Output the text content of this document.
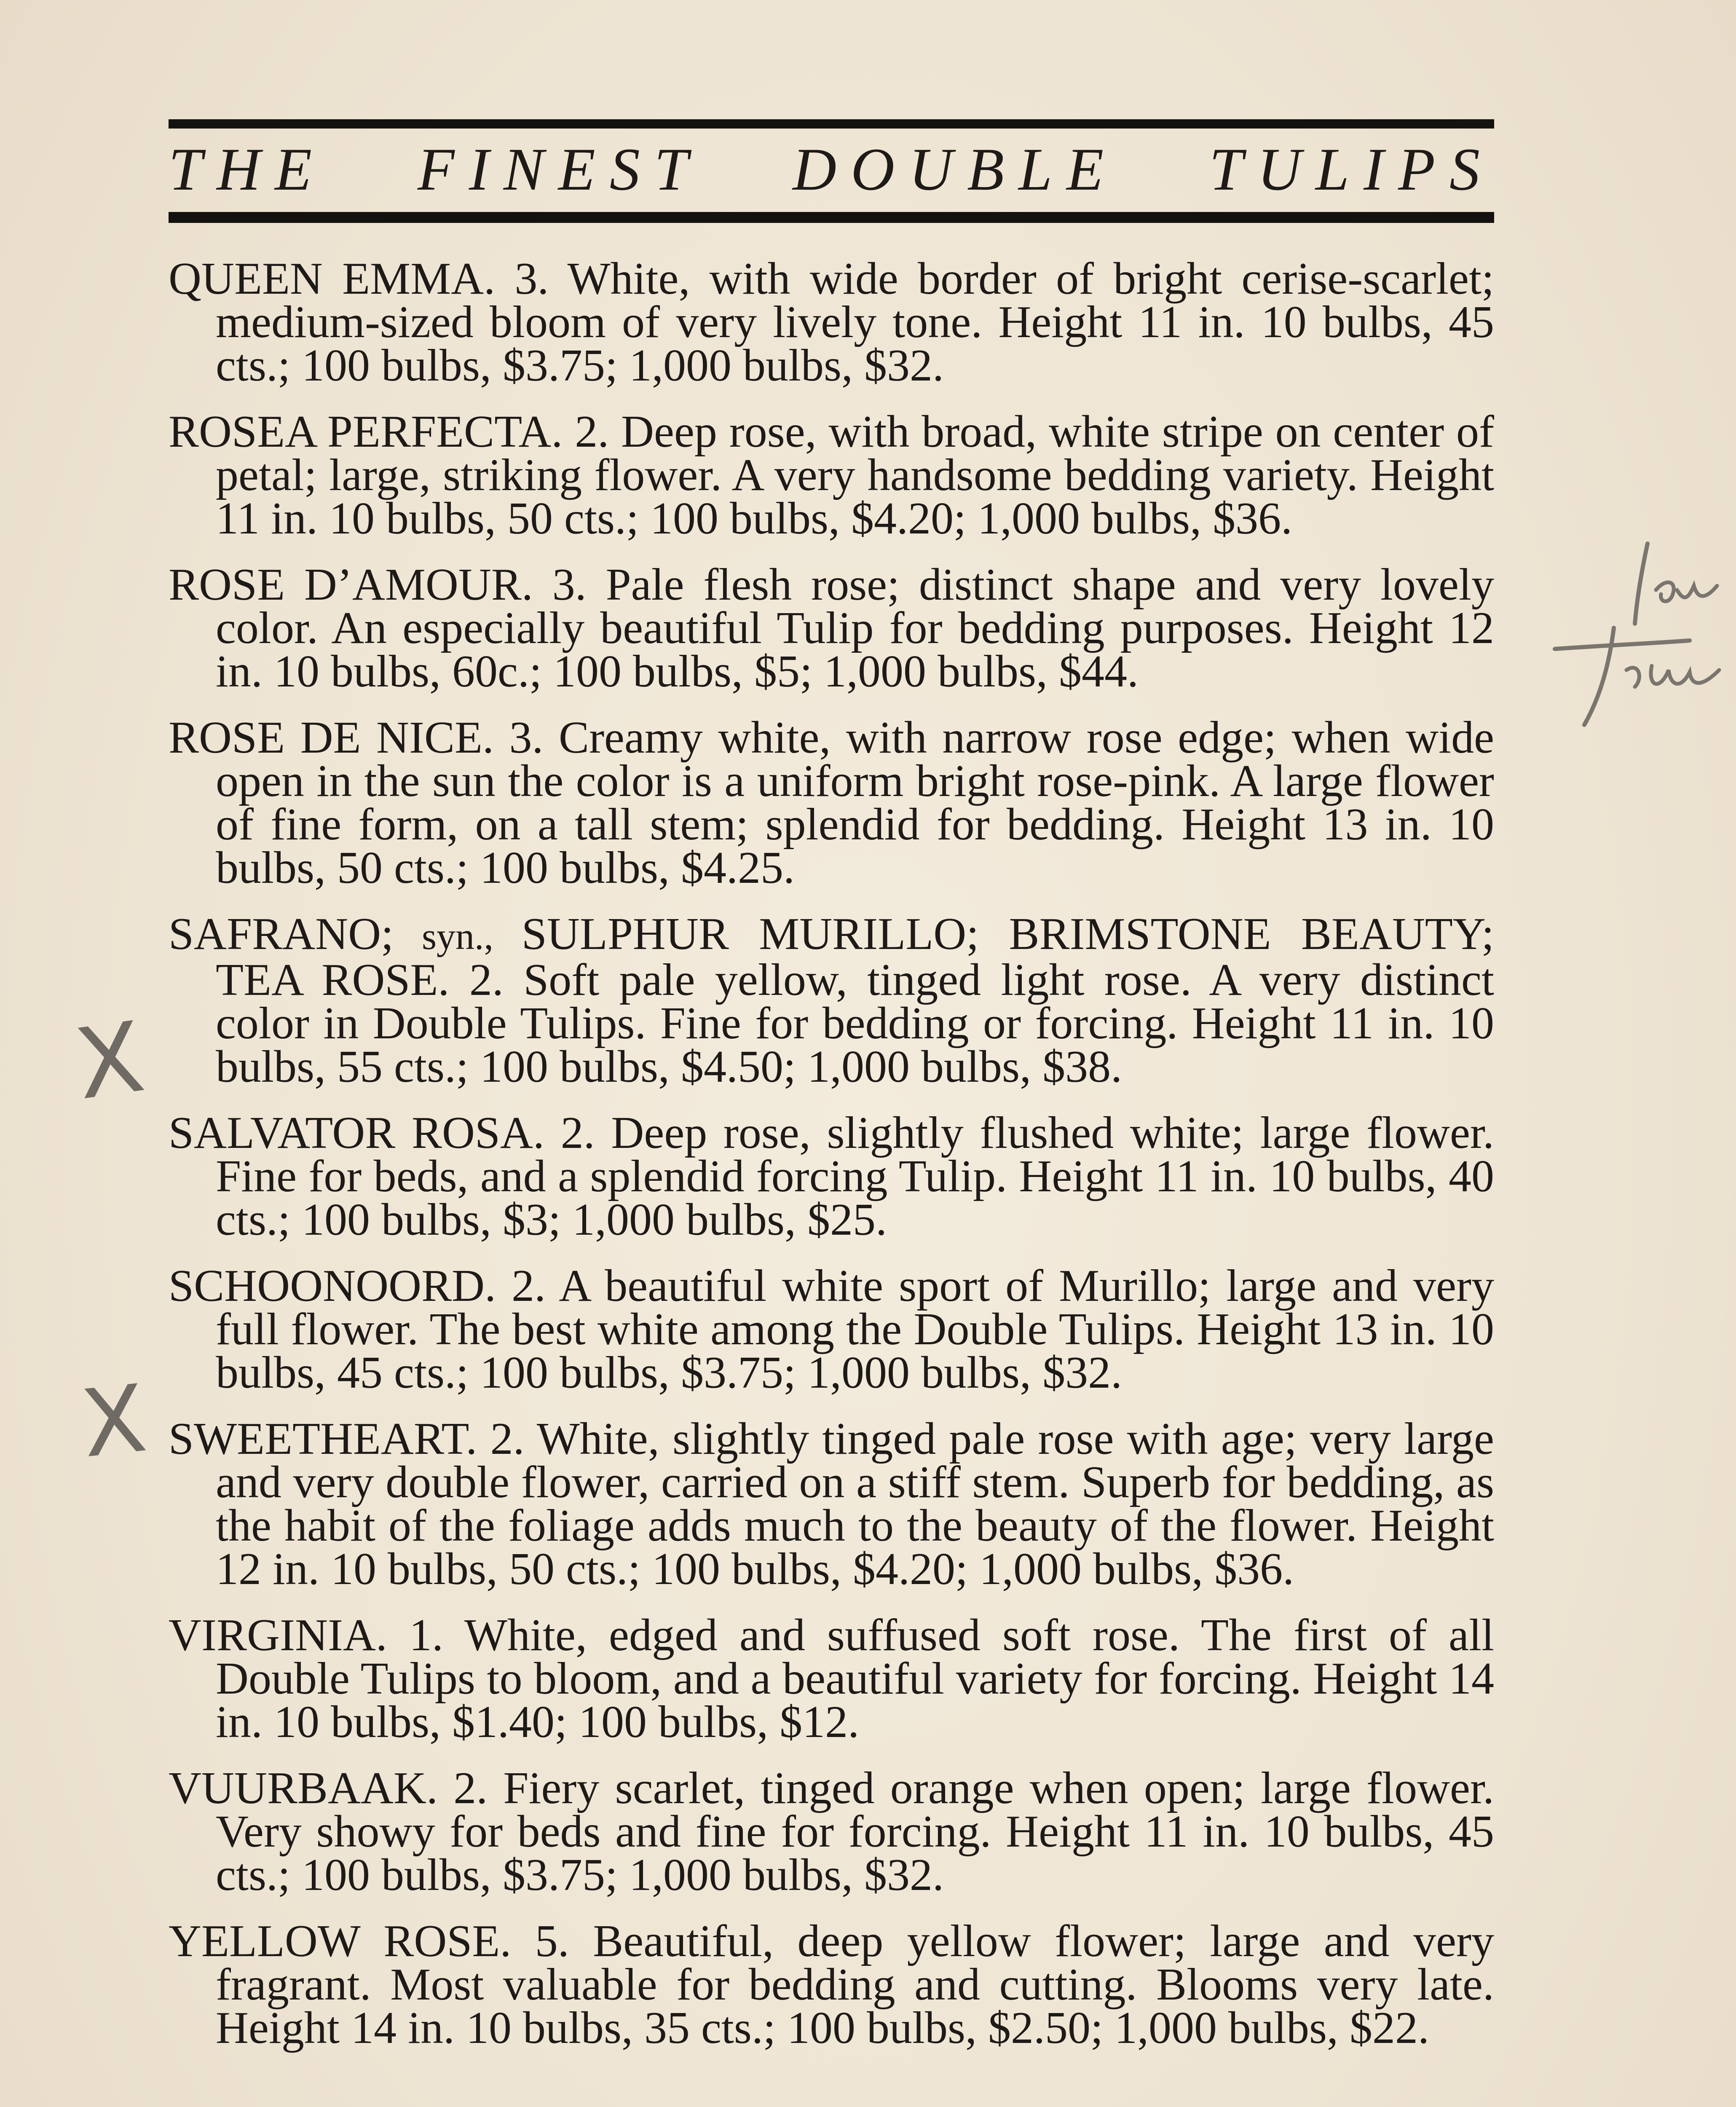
THE FINEST DOUBLE TULIPS

QUEEN EMMA. 3. White, with wide border of bright cerise-scarlet; medium-sized bloom of very lively tone. Height 11 in. 10 bulbs, 45 cts.; 100 bulbs, $3.75; 1,000 bulbs, $32.

ROSEA PERFECTA. 2. Deep rose, with broad, white stripe on center of petal; large, striking flower. A very handsome bedding variety. Height 11 in. 10 bulbs, 50 cts.; 100 bulbs, $4.20; 1,000 bulbs, $36.

ROSE D’AMOUR. 3. Pale flesh rose; distinct shape and very lovely color. An especially beautiful Tulip for bedding purposes. Height 12 in. 10 bulbs, 60c.; 100 bulbs, $5; 1,000 bulbs, $44.

ROSE DE NICE. 3. Creamy white, with narrow rose edge; when wide open in the sun the color is a uniform bright rose-pink. A large flower of fine form, on a tall stem; splendid for bedding. Height 13 in. 10 bulbs, 50 cts.; 100 bulbs, $4.25.

SAFRANO; syn., SULPHUR MURILLO; BRIMSTONE BEAUTY; TEA ROSE. 2. Soft pale yellow, tinged light rose. A very distinct color in Double Tulips. Fine for bedding or forcing. Height 11 in. 10 bulbs, 55 cts.; 100 bulbs, $4.50; 1,000 bulbs, $38.

SALVATOR ROSA. 2. Deep rose, slightly flushed white; large flower. Fine for beds, and a splendid forcing Tulip. Height 11 in. 10 bulbs, 40 cts.; 100 bulbs, $3; 1,000 bulbs, $25.

SCHOONOORD. 2. A beautiful white sport of Murillo; large and very full flower. The best white among the Double Tulips. Height 13 in. 10 bulbs, 45 cts.; 100 bulbs, $3.75; 1,000 bulbs, $32.

SWEETHEART. 2. White, slightly tinged pale rose with age; very large and very double flower, carried on a stiff stem. Superb for bedding, as the habit of the foliage adds much to the beauty of the flower. Height 12 in. 10 bulbs, 50 cts.; 100 bulbs, $4.20; 1,000 bulbs, $36.

VIRGINIA. 1. White, edged and suffused soft rose. The first of all Double Tulips to bloom, and a beautiful variety for forcing. Height 14 in. 10 bulbs, $1.40; 100 bulbs, $12.

VUURBAAK. 2. Fiery scarlet, tinged orange when open; large flower. Very showy for beds and fine for forcing. Height 11 in. 10 bulbs, 45 cts.; 100 bulbs, $3.75; 1,000 bulbs, $32.

YELLOW ROSE. 5. Beautiful, deep yellow flower; large and very fragrant. Most valuable for bedding and cutting. Blooms very late. Height 14 in. 10 bulbs, 35 cts.; 100 bulbs, $2.50; 1,000 bulbs, $22.

X
X
